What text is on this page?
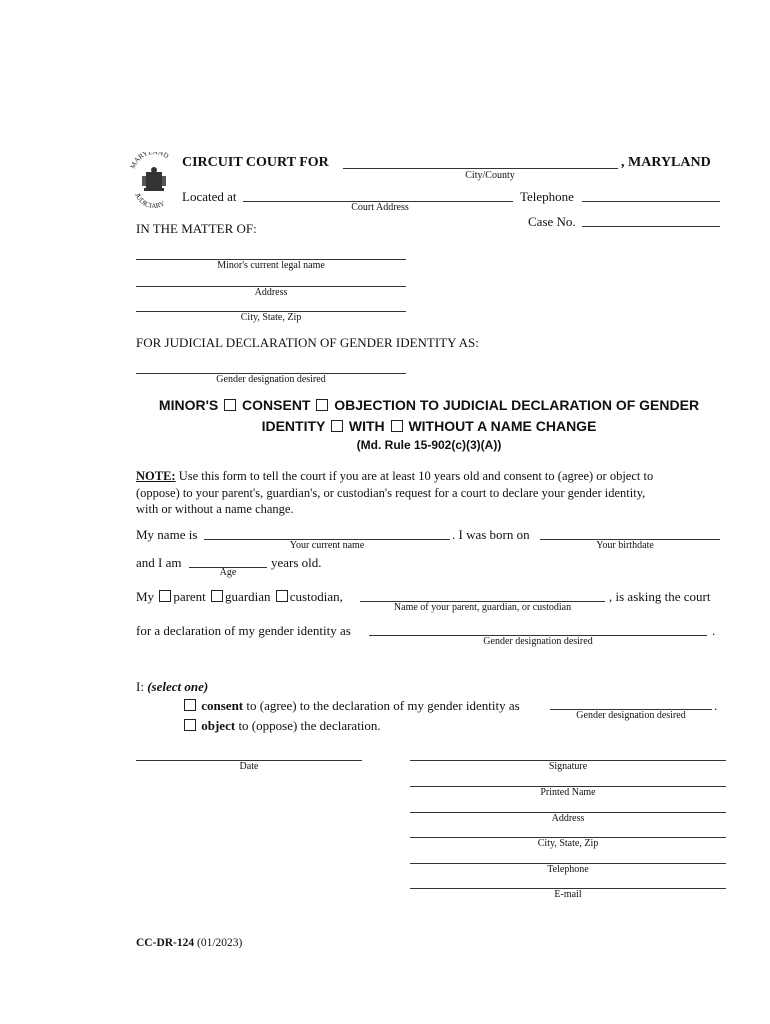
MARYLAND
JUDICIARY
CIRCUIT COURT FOR	, MARYLAND
City/County
Located at
Court Address
Telephone
Case No.
IN THE MATTER OF:
Minor's current legal name
Address
City, State, Zip
FOR JUDICIAL DECLARATION OF GENDER IDENTITY AS:
Gender designation desired
MINOR'S CONSENT OBJECTION TO JUDICIAL DECLARATION OF GENDER
IDENTITY WITH WITHOUT A NAME CHANGE
(Md. Rule 15-902(c)(3)(A))
NOTE: Use this form to tell the court if you are at least 10 years old and consent to (agree) or object to
(oppose) to your parent's, guardian's, or custodian's request for a court to declare your gender identity,
with or without a name change.
My name is
Your current name
. I was born on
Your birthdate
and I am
Age
years old.
My parent guardian custodian,
Name of your parent, guardian, or custodian
, is asking the court
for a declaration of my gender identity as
Gender designation desired
.
I: (select one)
consent to (agree) to the declaration of my gender identity as
Gender designation desired
.
object to (oppose) the declaration.
Date	Signature
Printed Name
Address
City, State, Zip
Telephone
E-mail
CC-DR-124 (01/2023)
